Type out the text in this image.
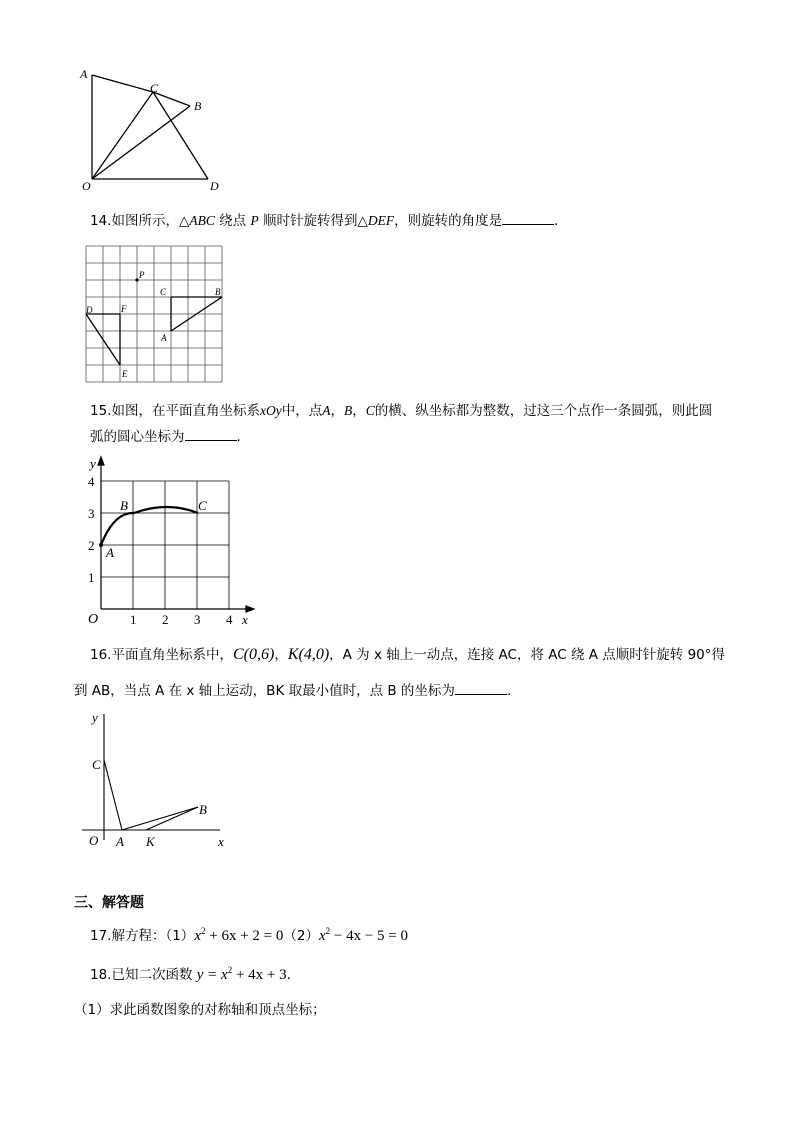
A
C
B
O	D
14.如图所示，△ABC 绕点 P 顺时针旋转得到△DEF，则旋转的角度是	.
P
C	B
A
D	F
E
15.如图，在平面直角坐标系xOy中，点A，B，C的横、纵坐标都为整数，过这三个点作一条圆弧，则此圆
弧的圆心坐标为	.
y
x
O
1
2
3
4
1 2 3 4
A
B	C
16.平面直角坐标系中，C(0,6)，K(4,0)，A 为 x 轴上一动点，连接 AC，将 AC 绕 A 点顺时针旋转 90°得
到 AB，当点 A 在 x 轴上运动，BK 取最小值时，点 B 的坐标为	.
y
C
O A K
B
x
三、解答题
17.解方程：$(1)x^2 + 6x + 2 = 0(2)x^2 - 4x - 5 = 0$
18.已知二次函数 $y = x^2 + 4x + 3$.
（1）求此函数图象的对称轴和顶点坐标；
